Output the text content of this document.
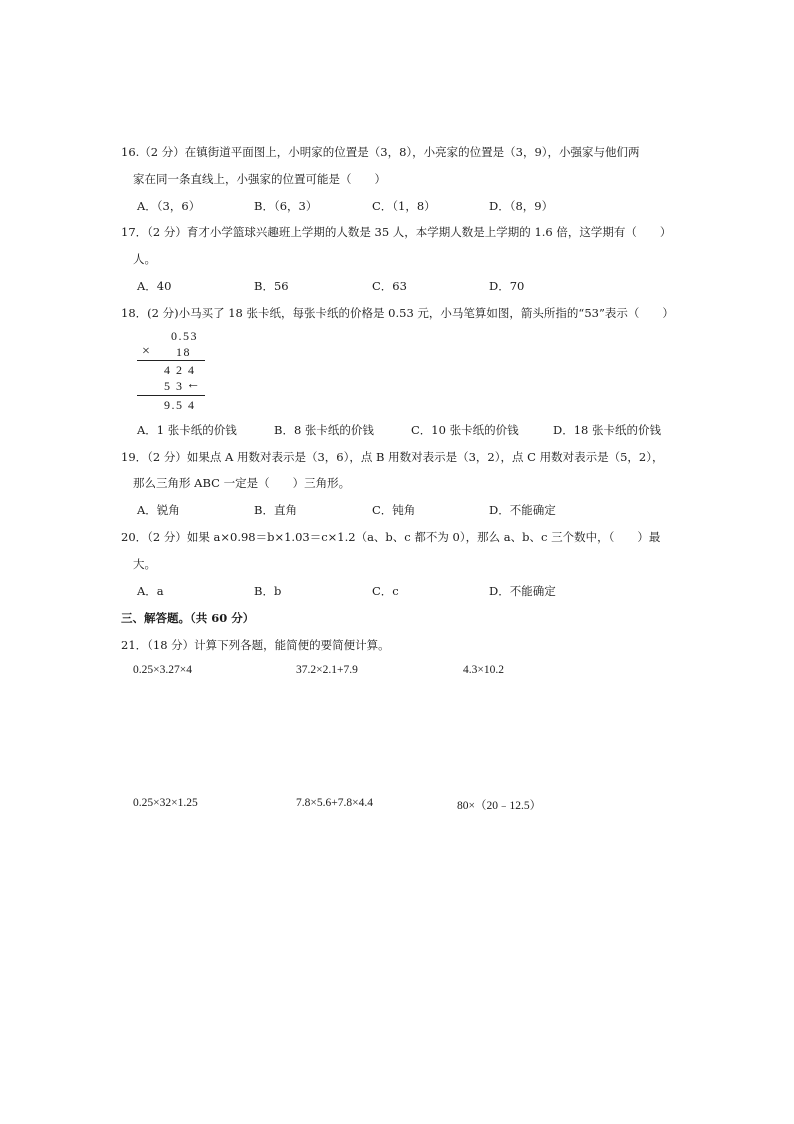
16.（2 分）在镇街道平面图上，小明家的位置是（3，8），小亮家的位置是（3，9），小强家与他们两
家在同一条直线上，小强家的位置可能是（　　）
A．（3，6）	B．（6，3）	C．（1，8）	D．（8，9）
17．（2 分）育才小学篮球兴趣班上学期的人数是 35 人，本学期人数是上学期的 1.6 倍，这学期有（　　）
人。
A．40	B．56	C．63	D．70
18．(2 分)小马买了 18 张卡纸，每张卡纸的价格是 0.53 元，小马笔算如图，箭头所指的“53”表示（　　）
0.53
× 18
4 2 4
5 3 ←
9.5 4
A．1 张卡纸的价钱	B．8 张卡纸的价钱	C．10 张卡纸的价钱	D．18 张卡纸的价钱
19．（2 分）如果点 A 用数对表示是（3，6），点 B 用数对表示是（3，2），点 C 用数对表示是（5，2），
那么三角形 ABC 一定是（　　）三角形。
A．锐角	B．直角	C．钝角	D．不能确定
20．（2 分）如果 a×0.98＝b×1.03＝c×1.2（a、b、c 都不为 0），那么 a、b、c 三个数中，（　　）最
大。
A．a	B．b	C．c	D．不能确定
三、解答题。（共 60 分）
21．（18 分）计算下列各题，能简便的要简便计算。
0.25×3.27×4	37.2×2.1+7.9	4.3×10.2
0.25×32×1.25	7.8×5.6+7.8×4.4	80×（20﹣12.5）
